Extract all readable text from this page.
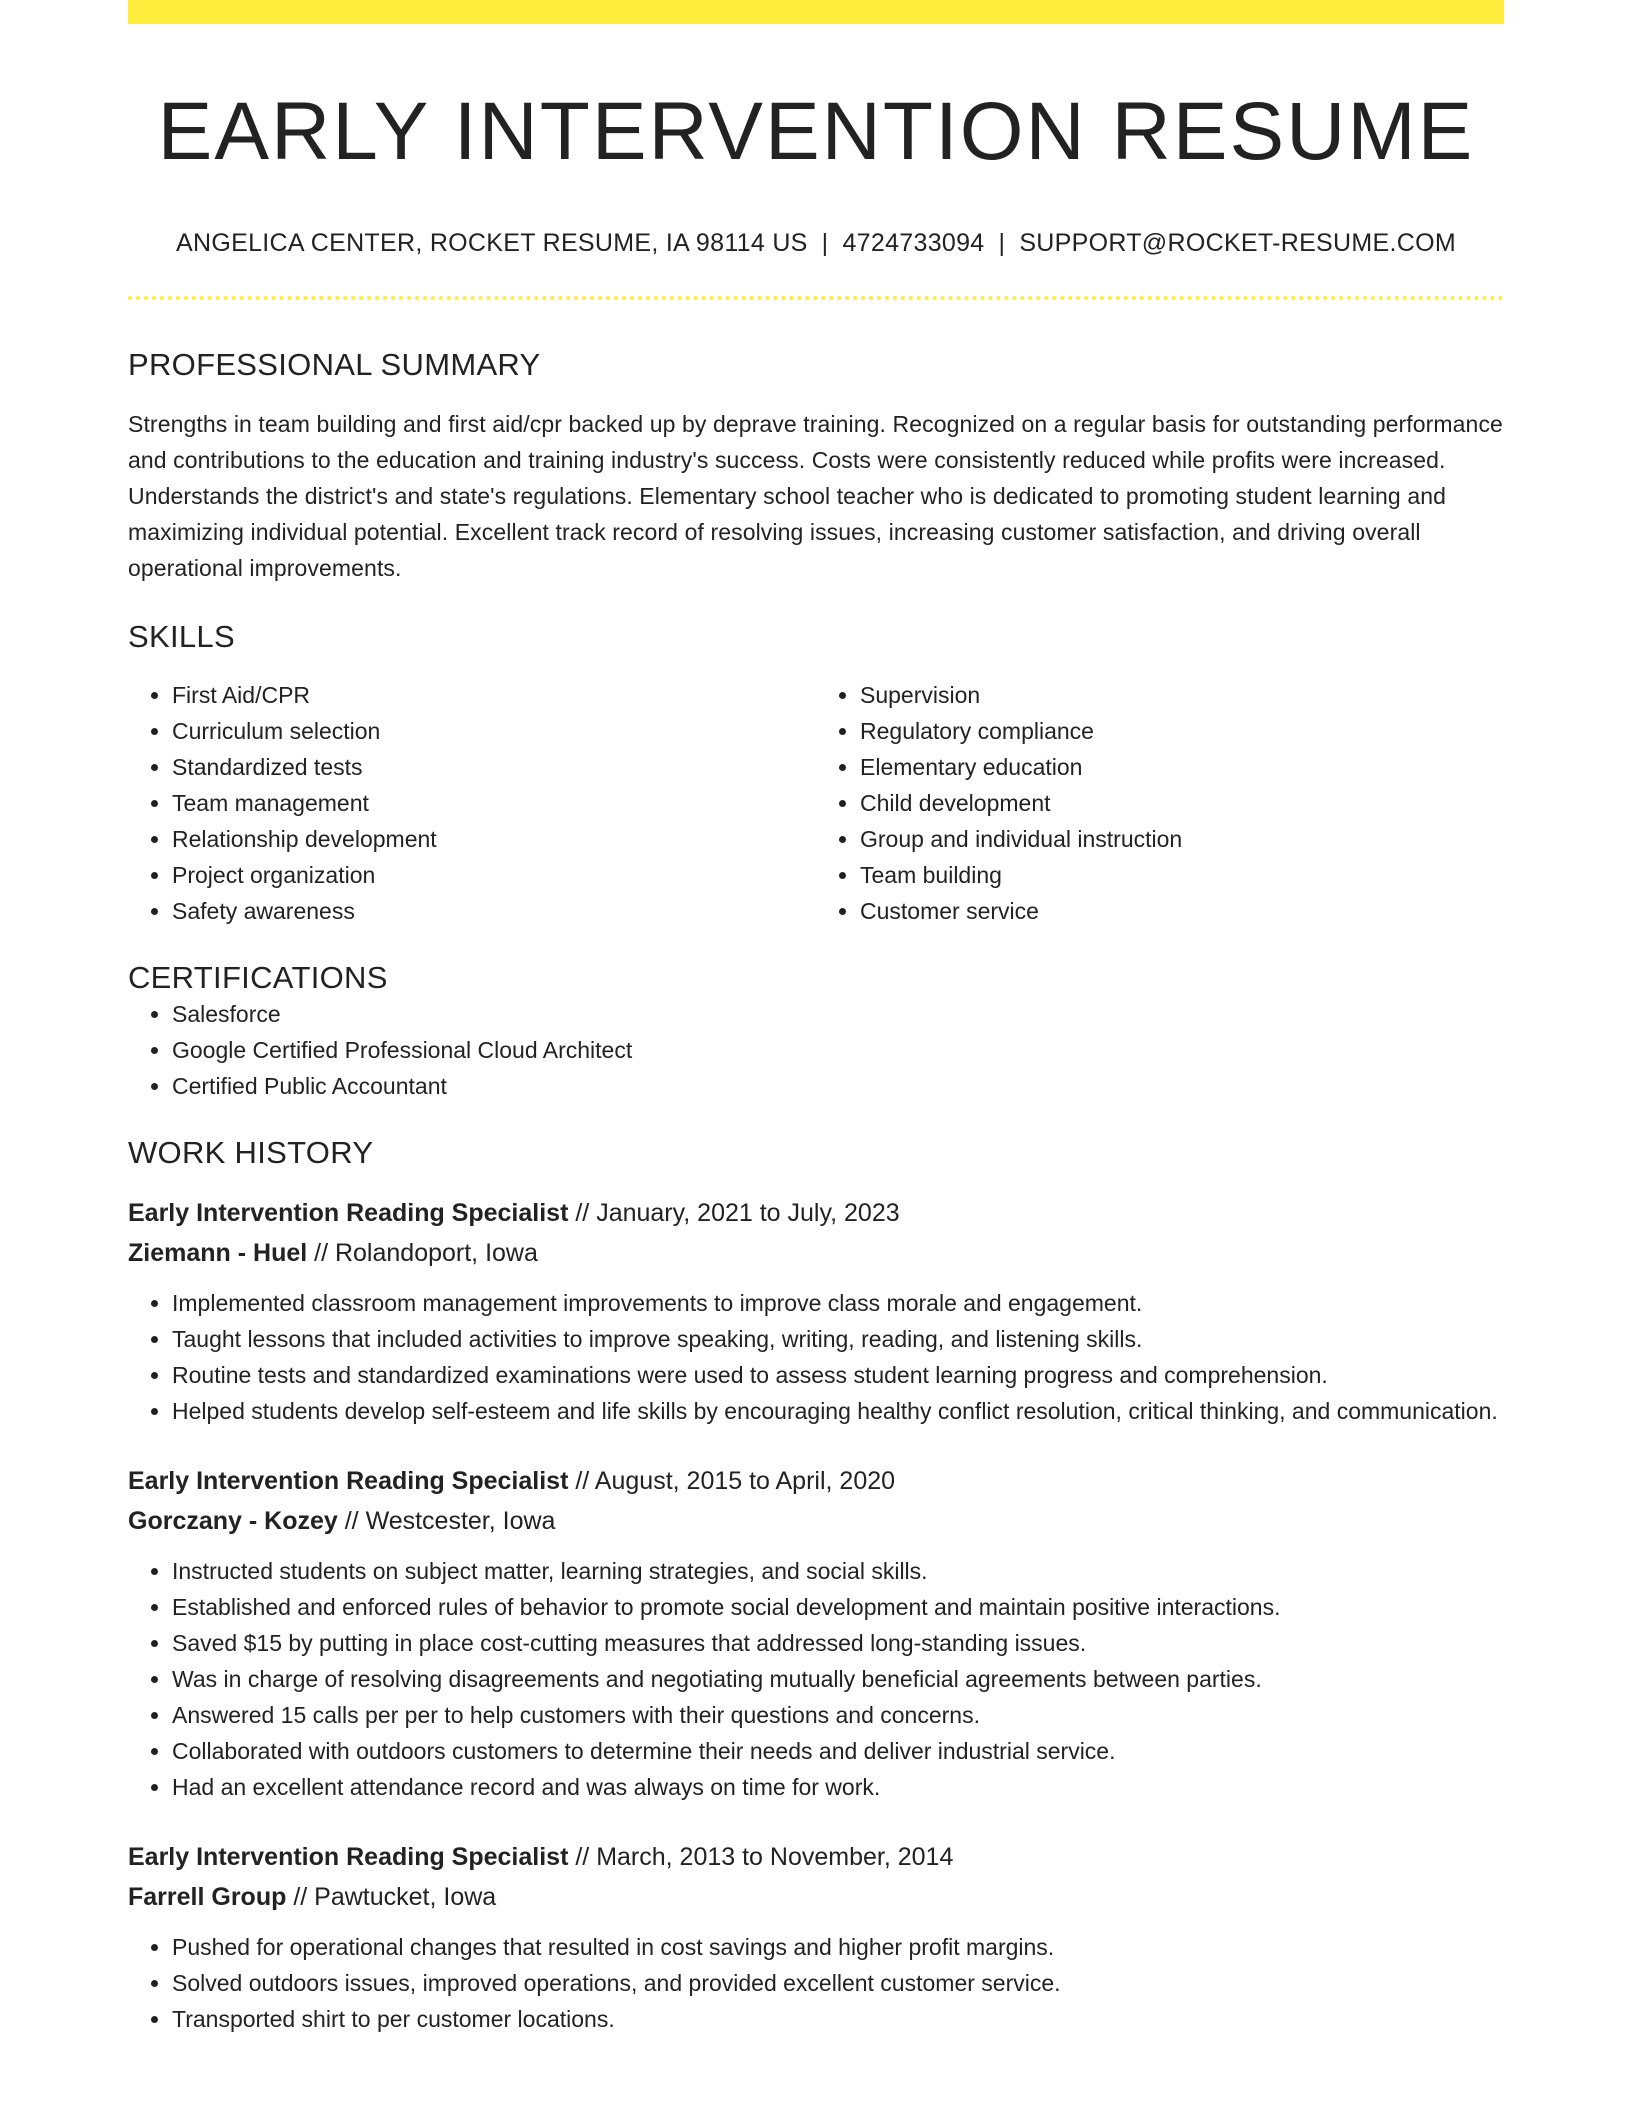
EARLY INTERVENTION RESUME
ANGELICA CENTER, ROCKET RESUME, IA 98114 US | 4724733094 | SUPPORT@ROCKET-RESUME.COM
PROFESSIONAL SUMMARY

Strengths in team building and first aid/cpr backed up by deprave training. Recognized on a regular basis for outstanding performance and contributions to the education and training industry's success. Costs were consistently reduced while profits were increased. Understands the district's and state's regulations. Elementary school teacher who is dedicated to promoting student learning and maximizing individual potential. Excellent track record of resolving issues, increasing customer satisfaction, and driving overall operational improvements.

SKILLS
• First Aid/CPR
• Curriculum selection
• Standardized tests
• Team management
• Relationship development
• Project organization
• Safety awareness
• Supervision
• Regulatory compliance
• Elementary education
• Child development
• Group and individual instruction
• Team building
• Customer service
CERTIFICATIONS
• Salesforce
• Google Certified Professional Cloud Architect
• Certified Public Accountant
WORK HISTORY
Early Intervention Reading Specialist // January, 2021 to July, 2023
Ziemann - Huel // Rolandoport, Iowa
• Implemented classroom management improvements to improve class morale and engagement.
• Taught lessons that included activities to improve speaking, writing, reading, and listening skills.
• Routine tests and standardized examinations were used to assess student learning progress and comprehension.
• Helped students develop self-esteem and life skills by encouraging healthy conflict resolution, critical thinking, and communication.
Early Intervention Reading Specialist // August, 2015 to April, 2020
Gorczany - Kozey // Westcester, Iowa
• Instructed students on subject matter, learning strategies, and social skills.
• Established and enforced rules of behavior to promote social development and maintain positive interactions.
• Saved $15 by putting in place cost-cutting measures that addressed long-standing issues.
• Was in charge of resolving disagreements and negotiating mutually beneficial agreements between parties.
• Answered 15 calls per per to help customers with their questions and concerns.
• Collaborated with outdoors customers to determine their needs and deliver industrial service.
• Had an excellent attendance record and was always on time for work.
Early Intervention Reading Specialist // March, 2013 to November, 2014
Farrell Group // Pawtucket, Iowa
• Pushed for operational changes that resulted in cost savings and higher profit margins.
• Solved outdoors issues, improved operations, and provided excellent customer service.
• Transported shirt to per customer locations.
